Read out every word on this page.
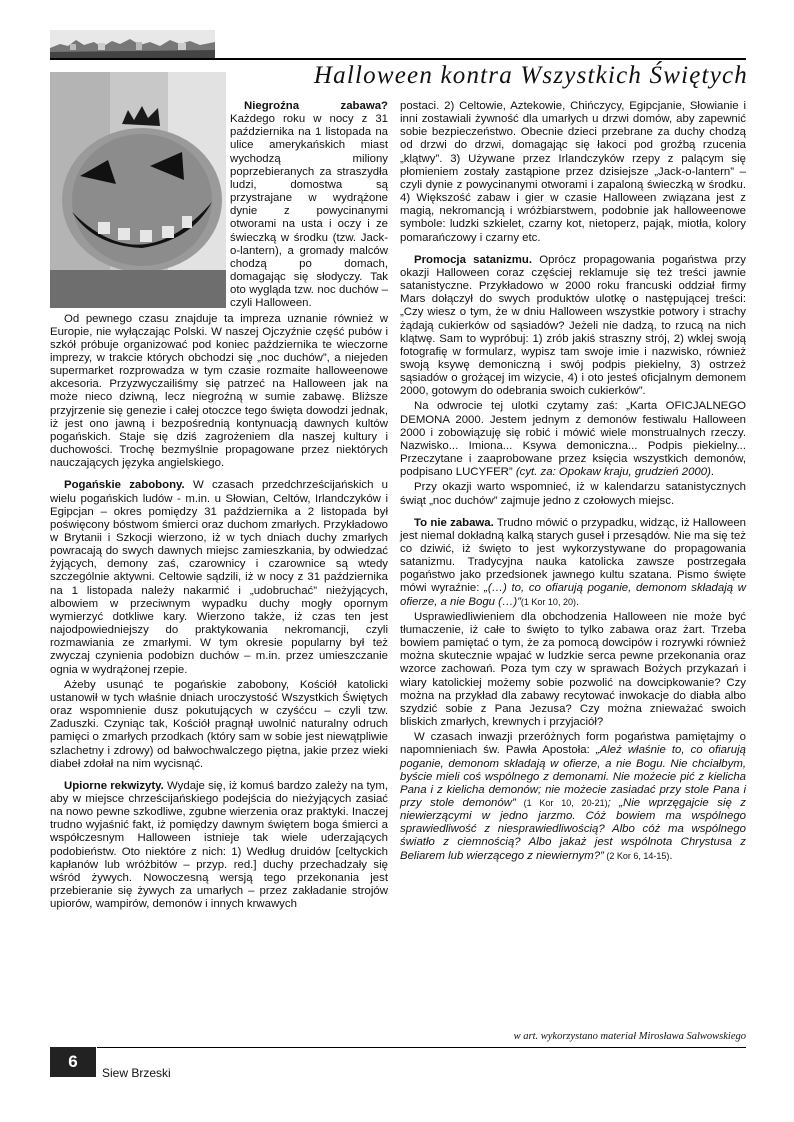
Halloween kontra Wszystkich Świętych

Niegroźna zabawa? Każdego roku w nocy z 31 października na 1 listopada na ulice amerykańskich miast wychodzą miliony poprzebieranych za straszydła ludzi, domostwa są przystrajane w wydrążone dynie z powycinanymi otworami na usta i oczy i ze świeczką w środku (tzw. Jack-o-lantern), a gromady malców chodzą po domach, domagając się słodyczy. Tak oto wygląda tzw. noc duchów – czyli Halloween.

Od pewnego czasu znajduje ta impreza uznanie również w Europie, nie wyłączając Polski. W naszej Ojczyźnie część pubów i szkół próbuje organizować pod koniec października te wieczorne imprezy, w trakcie których obchodzi się „noc duchów”, a niejeden supermarket rozprowadza w tym czasie rozmaite halloweenowe akcesoria. Przyzwyczailiśmy się patrzeć na Halloween jak na może nieco dziwną, lecz niegroźną w sumie zabawę. Bliższe przyjrzenie się genezie i całej otoczce tego święta dowodzi jednak, iż jest ono jawną i bezpośrednią kontynuacją dawnych kultów pogańskich. Staje się dziś zagrożeniem dla naszej kultury i duchowości. Trochę bezmyślnie propagowane przez niektórych nauczających języka angielskiego.

Pogańskie zabobony. W czasach przedchrześcijańskich u wielu pogańskich ludów - m.in. u Słowian, Celtów, Irlandczyków i Egipcjan – okres pomiędzy 31 października a 2 listopada był poświęcony bóstwom śmierci oraz duchom zmarłych. Przykładowo w Brytanii i Szkocji wierzono, iż w tych dniach duchy zmarłych powracają do swych dawnych miejsc zamieszkania, by odwiedzać żyjących, demony zaś, czarownicy i czarownice są wtedy szczególnie aktywni. Celtowie sądzili, iż w nocy z 31 października na 1 listopada należy nakarmić i „udobruchać” nieżyjących, albowiem w przeciwnym wypadku duchy mogły opornym wymierzyć dotkliwe kary. Wierzono także, iż czas ten jest najodpowiedniejszy do praktykowania nekromancji, czyli rozmawiania ze zmarłymi. W tym okresie popularny był też zwyczaj czynienia podobizn duchów – m.in. przez umieszczanie ognia w wydrążonej rzepie.

Ażeby usunąć te pogańskie zabobony, Kościół katolicki ustanowił w tych właśnie dniach uroczystość Wszystkich Świętych oraz wspomnienie dusz pokutujących w czyśćcu – czyli tzw. Zaduszki. Czyniąc tak, Kościół pragnął uwolnić naturalny odruch pamięci o zmarłych przodkach (który sam w sobie jest niewątpliwie szlachetny i zdrowy) od bałwochwalczego piętna, jakie przez wieki diabeł zdołał na nim wycisnąć.

Upiorne rekwizyty. Wydaje się, iż komuś bardzo zależy na tym, aby w miejsce chrześcijańskiego podejścia do nieżyjących zasiać na nowo pewne szkodliwe, zgubne wierzenia oraz praktyki. Inaczej trudno wyjaśnić fakt, iż pomiędzy dawnym świętem boga śmierci a współczesnym Halloween istnieje tak wiele uderzających podobieństw. Oto niektóre z nich: 1) Według druidów [celtyckich kapłanów lub wróżbitów – przyp. red.] duchy przechadzały się wśród żywych. Nowoczesną wersją tego przekonania jest przebieranie się żywych za umarłych – przez zakładanie strojów upiorów, wampirów, demonów i innych krwawych

postaci. 2) Celtowie, Aztekowie, Chińczycy, Egipcjanie, Słowianie i inni zostawiali żywność dla umarłych u drzwi domów, aby zapewnić sobie bezpieczeństwo. Obecnie dzieci przebrane za duchy chodzą od drzwi do drzwi, domagając się łakoci pod groźbą rzucenia „klątwy”. 3) Używane przez Irlandczyków rzepy z palącym się płomieniem zostały zastąpione przez dzisiejsze „Jack-o-lantern” – czyli dynie z powycinanymi otworami i zapaloną świeczką w środku. 4) Większość zabaw i gier w czasie Halloween związana jest z magią, nekromancją i wróżbiarstwem, podobnie jak halloweenowe symbole: ludzki szkielet, czarny kot, nietoperz, pająk, miotła, kolory pomarańczowy i czarny etc.

Promocja satanizmu. Oprócz propagowania pogaństwa przy okazji Halloween coraz częściej reklamuje się też treści jawnie satanistyczne. Przykładowo w 2000 roku francuski oddział firmy Mars dołączył do swych produktów ulotkę o następującej treści: „Czy wiesz o tym, że w dniu Halloween wszystkie potwory i strachy żądają cukierków od sąsiadów? Jeżeli nie dadzą, to rzucą na nich klątwę. Sam to wypróbuj: 1) zrób jakiś straszny strój, 2) wklej swoją fotografię w formularz, wypisz tam swoje imie i nazwisko, również swoją ksywę demoniczną i swój podpis piekielny, 3) ostrzeż sąsiadów o grożącej im wizycie, 4) i oto jesteś oficjalnym demonem 2000, gotowym do odebrania swoich cukierków”.

Na odwrocie tej ulotki czytamy zaś: „Karta OFICJALNEGO DEMONA 2000. Jestem jednym z demonów festiwalu Halloween 2000 i zobowiązuję się robić i mówić wiele monstrualnych rzeczy. Nazwisko... Imiona... Ksywa demoniczna... Podpis piekielny... Przeczytane i zaaprobowane przez księcia wszystkich demonów, podpisano LUCYFER” (cyt. za: Opokaw kraju, grudzień 2000).

Przy okazji warto wspomnieć, iż w kalendarzu satanistycznych świąt „noc duchów” zajmuje jedno z czołowych miejsc.

To nie zabawa. Trudno mówić o przypadku, widząc, iż Halloween jest niemal dokładną kalką starych guseł i przesądów. Nie ma się też co dziwić, iż święto to jest wykorzystywane do propagowania satanizmu. Tradycyjna nauka katolicka zawsze postrzegała pogaństwo jako przedsionek jawnego kultu szatana. Pismo święte mówi wyraźnie: „(…) to, co ofiarują poganie, demonom składają w ofierze, a nie Bogu (…)”(1 Kor 10, 20).

Usprawiedliwieniem dla obchodzenia Halloween nie może być tłumaczenie, iż całe to święto to tylko zabawa oraz żart. Trzeba bowiem pamiętać o tym, że za pomocą dowcipów i rozrywki również można skutecznie wpajać w ludzkie serca pewne przekonania oraz wzorce zachowań. Poza tym czy w sprawach Bożych przykazań i wiary katolickiej możemy sobie pozwolić na dowcipkowanie? Czy można na przykład dla zabawy recytować inwokacje do diabła albo szydzić sobie z Pana Jezusa? Czy można znieważać swoich bliskich zmarłych, krewnych i przyjaciół?

W czasach inwazji przeróżnych form pogaństwa pamiętajmy o napomnieniach św. Pawła Apostoła: „Ależ właśnie to, co ofiarują poganie, demonom składają w ofierze, a nie Bogu. Nie chciałbym, byście mieli coś wspólnego z demonami. Nie możecie pić z kielicha Pana i z kielicha demonów; nie możecie zasiadać przy stole Pana i przy stole demonów” (1 Kor 10, 20-21); „Nie wprzęgajcie się z niewierzącymi w jedno jarzmo. Cóż bowiem ma wspólnego sprawiedliwość z niesprawiedliwością? Albo cóż ma wspólnego światło z ciemnością? Albo jakaż jest wspólnota Chrystusa z Beliarem lub wierzącego z niewiernym?” (2 Kor 6, 14-15).

w art. wykorzystano materiał Mirosława Salwowskiego
6
Siew Brzeski
